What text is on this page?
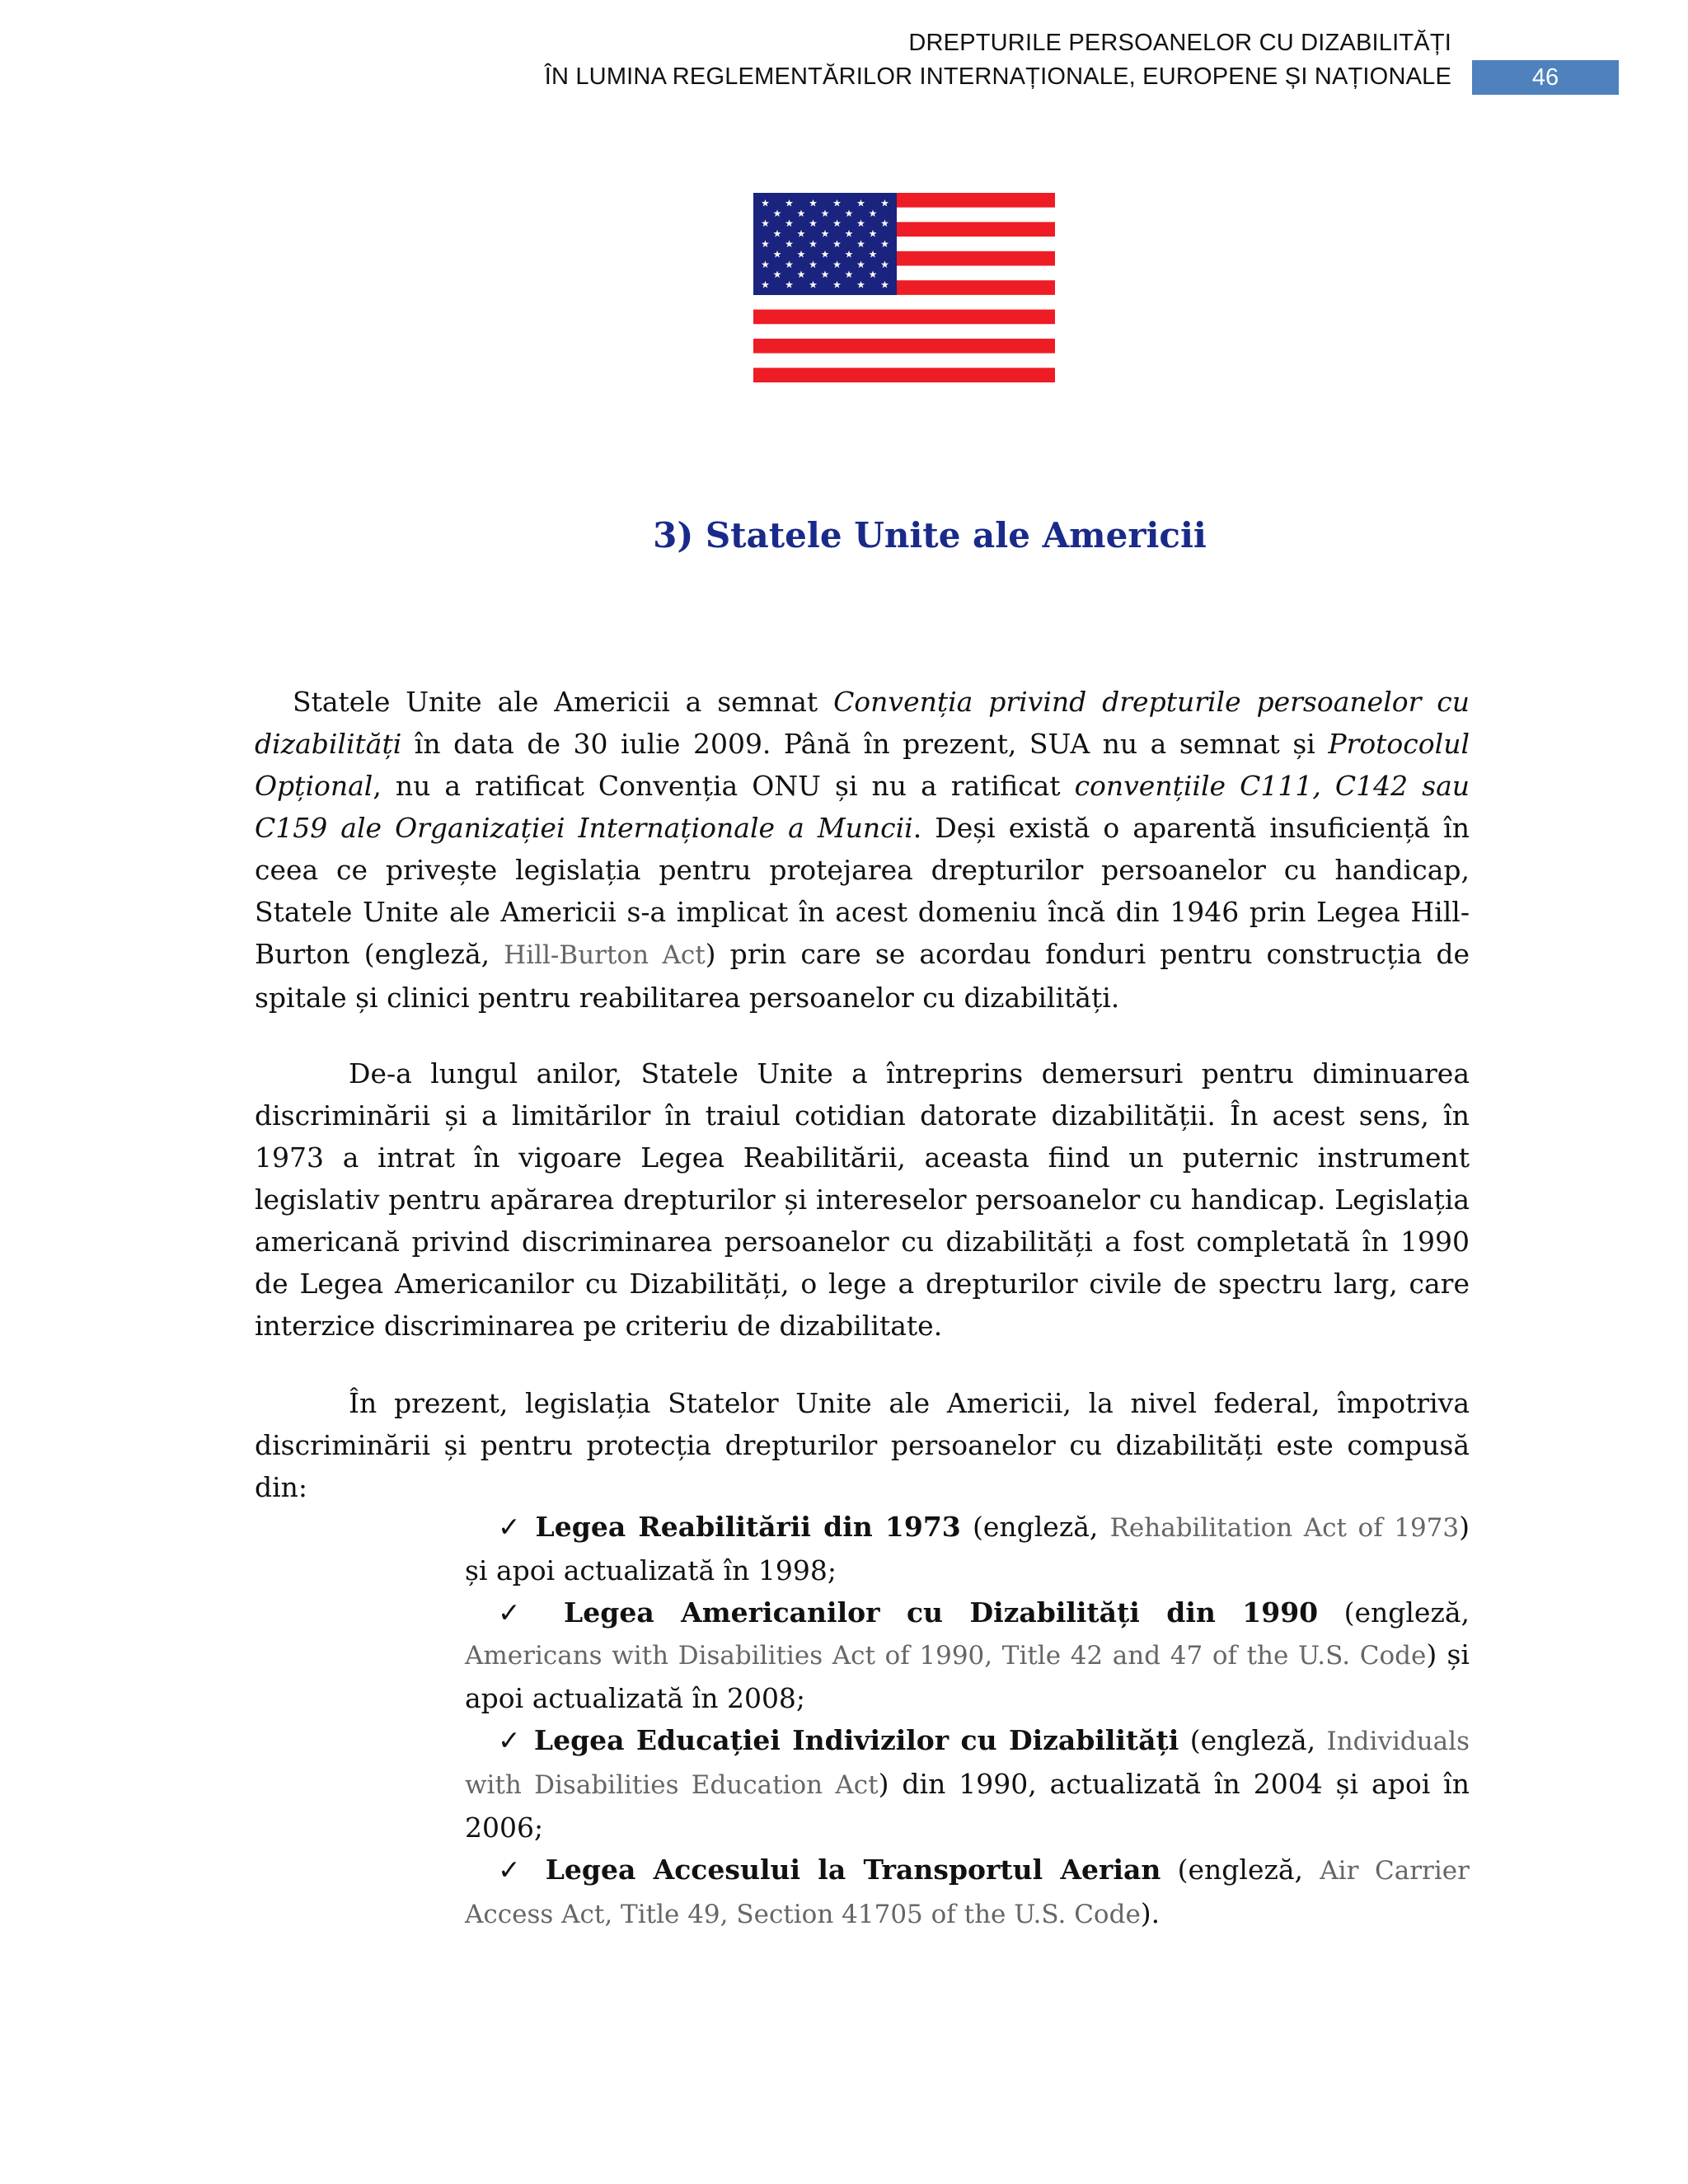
DREPTURILE PERSOANELOR CU DIZABILITĂȚI
ÎN LUMINA REGLEMENTĂRILOR INTERNAȚIONALE, EUROPENE ȘI NAȚIONALE	46
★ ★ ★ ★ ★ ★
★ ★ ★ ★ ★
★ ★ ★ ★ ★ ★
★ ★ ★ ★ ★
★ ★ ★ ★ ★ ★
★ ★ ★ ★ ★
★ ★ ★ ★ ★ ★
★ ★ ★ ★ ★
★ ★ ★ ★ ★ ★
3) Statele Unite ale Americii

Statele Unite ale Americii a semnat Convenția privind drepturile persoanelor cu dizabilități în data de 30 iulie 2009. Până în prezent, SUA nu a semnat și Protocolul Opțional, nu a ratificat Convenția ONU și nu a ratificat convențiile C111, C142 sau C159 ale Organizației Internaționale a Muncii. Deși există o aparentă insuficiență în ceea ce privește legislația pentru protejarea drepturilor persoanelor cu handicap, Statele Unite ale Americii s-a implicat în acest domeniu încă din 1946 prin Legea Hill-Burton (engleză, Hill-Burton Act) prin care se acordau fonduri pentru construcția de spitale și clinici pentru reabilitarea persoanelor cu dizabilități.

De-a lungul anilor, Statele Unite a întreprins demersuri pentru diminuarea discriminării și a limitărilor în traiul cotidian datorate dizabilității. În acest sens, în 1973 a intrat în vigoare Legea Reabilitării, aceasta fiind un puternic instrument legislativ pentru apărarea drepturilor și intereselor persoanelor cu handicap. Legislația americană privind discriminarea persoanelor cu dizabilități a fost completată în 1990 de Legea Americanilor cu Dizabilități, o lege a drepturilor civile de spectru larg, care interzice discriminarea pe criteriu de dizabilitate.

În prezent, legislația Statelor Unite ale Americii, la nivel federal, împotriva discriminării și pentru protecția drepturilor persoanelor cu dizabilități este compusă din:

✓ Legea Reabilitării din 1973 (engleză, Rehabilitation Act of 1973) și apoi actualizată în 1998;

✓ Legea Americanilor cu Dizabilități din 1990 (engleză, Americans with Disabilities Act of 1990, Title 42 and 47 of the U.S. Code) și apoi actualizată în 2008;

✓ Legea Educației Indivizilor cu Dizabilități (engleză, Individuals with Disabilities Education Act) din 1990, actualizată în 2004 și apoi în 2006;

✓ Legea Accesului la Transportul Aerian (engleză, Air Carrier Access Act, Title 49, Section 41705 of the U.S. Code).
